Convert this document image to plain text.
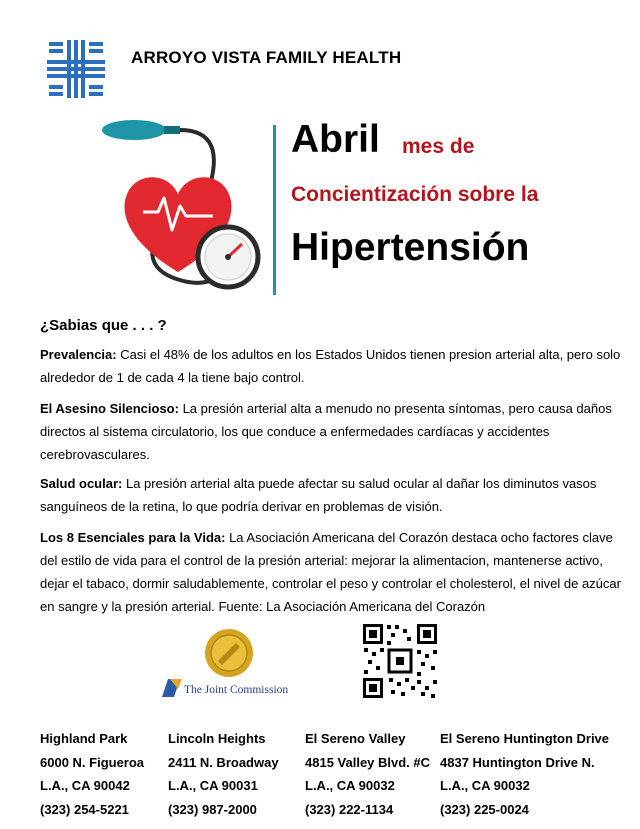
ARROYO VISTA FAMILY HEALTH
Abril mes de
Concientización sobre la
Hipertensión
¿Sabias que . . . ?
Prevalencia: Casi el 48% de los adultos en los Estados Unidos tienen presion arterial alta, pero solo alrededor de 1 de cada 4 la tiene bajo control.
El Asesino Silencioso: La presión arterial alta a menudo no presenta síntomas, pero causa daños directos al sistema circulatorio, los que conduce a enfermedades cardíacas y accidentes cerebrovasculares.
Salud ocular: La presión arterial alta puede afectar su salud ocular al dañar los diminutos vasos sanguíneos de la retina, lo que podría derivar en problemas de visión.
Los 8 Esenciales para la Vida: La Asociación Americana del Corazón destaca ocho factores clave del estilo de vida para el control de la presión arterial: mejorar la alimentacion, mantenerse activo, dejar el tabaco, dormir saludablemente, controlar el peso y controlar el cholesterol, el nivel de azúcar en sangre y la presión arterial. Fuente: La Asociación Americana del Corazón
The Joint Commission
Highland Park
6000 N. Figueroa
L.A., CA 90042
(323) 254-5221
Lincoln Heights
2411 N. Broadway
L.A., CA 90031
(323) 987-2000
El Sereno Valley
4815 Valley Blvd. #C
L.A., CA 90032
(323) 222-1134
El Sereno Huntington Drive
4837 Huntington Drive N.
L.A., CA 90032
(323) 225-0024
